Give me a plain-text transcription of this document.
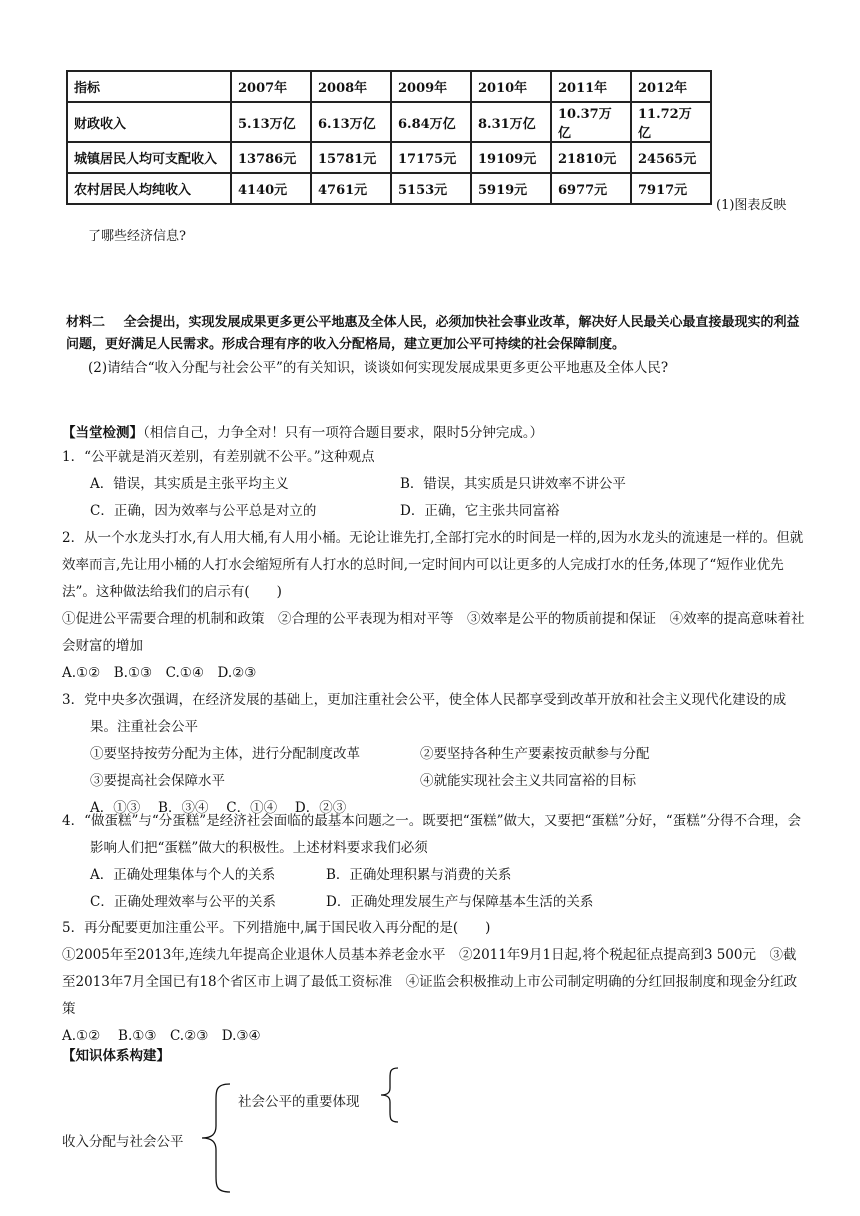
指标	2007年	2008年	2009年	2010年	2011年	2012年
财政收入	5.13万亿	6.13万亿	6.84万亿	8.31万亿	10.37万亿	11.72万亿
城镇居民人均可支配收入	13786元	15781元	17175元	19109元	21810元	24565元
农村居民人均纯收入	4140元	4761元	5153元	5919元	6977元	7917元
(1)图表反映
了哪些经济信息?
材料二 全会提出，实现发展成果更多更公平地惠及全体人民，必须加快社会事业改革，解决好人民最关心最直接最现实的利益问题，更好满足人民需求。形成合理有序的收入分配格局，建立更加公平可持续的社会保障制度。
(2)请结合“收入分配与社会公平”的有关知识，谈谈如何实现发展成果更多更公平地惠及全体人民?
【当堂检测】（相信自己，力争全对！只有一项符合题目要求，限时5分钟完成。）
1．“公平就是消灭差别，有差别就不公平。”这种观点
A．错误，其实质是主张平均主义	B．错误，其实质是只讲效率不讲公平
C．正确，因为效率与公平总是对立的	D．正确，它主张共同富裕
2．从一个水龙头打水,有人用大桶,有人用小桶。无论让谁先打,全部打完水的时间是一样的,因为水龙头的流速是一样的。但就效率而言,先让用小桶的人打水会缩短所有人打水的总时间,一定时间内可以让更多的人完成打水的任务,体现了“短作业优先法”。这种做法给我们的启示有(　　)
①促进公平需要合理的机制和政策　②合理的公平表现为相对平等　③效率是公平的物质前提和保证　④效率的提高意味着社会财富的增加
A.①②　B.①③　C.①④　D.②③
3．党中央多次强调，在经济发展的基础上，更加注重社会公平，使全体人民都享受到改革开放和社会主义现代化建设的成果。注重社会公平
①要坚持按劳分配为主体，进行分配制度改革	②要坚持各种生产要素按贡献参与分配
③要提高社会保障水平	④就能实现社会主义共同富裕的目标
A．①③　 B．③④　 C．①④　 D．②③
4．“做蛋糕”与“分蛋糕”是经济社会面临的最基本问题之一。既要把“蛋糕”做大，又要把“蛋糕”分好，“蛋糕”分得不合理，会影响人们把“蛋糕”做大的积极性。上述材料要求我们必须
A．正确处理集体与个人的关系	B．正确处理积累与消费的关系
C．正确处理效率与公平的关系	D．正确处理发展生产与保障基本生活的关系
5．再分配要更加注重公平。下列措施中,属于国民收入再分配的是(　　)
①2005年至2013年,连续九年提高企业退休人员基本养老金水平　②2011年9月1日起,将个税起征点提高到3 500元　③截至2013年7月全国已有18个省区市上调了最低工资标准　④证监会积极推动上市公司制定明确的分红回报制度和现金分红政策
A.①②　 B.①③　C.②③　D.③④
【知识体系构建】
收入分配与社会公平
社会公平的重要体现
